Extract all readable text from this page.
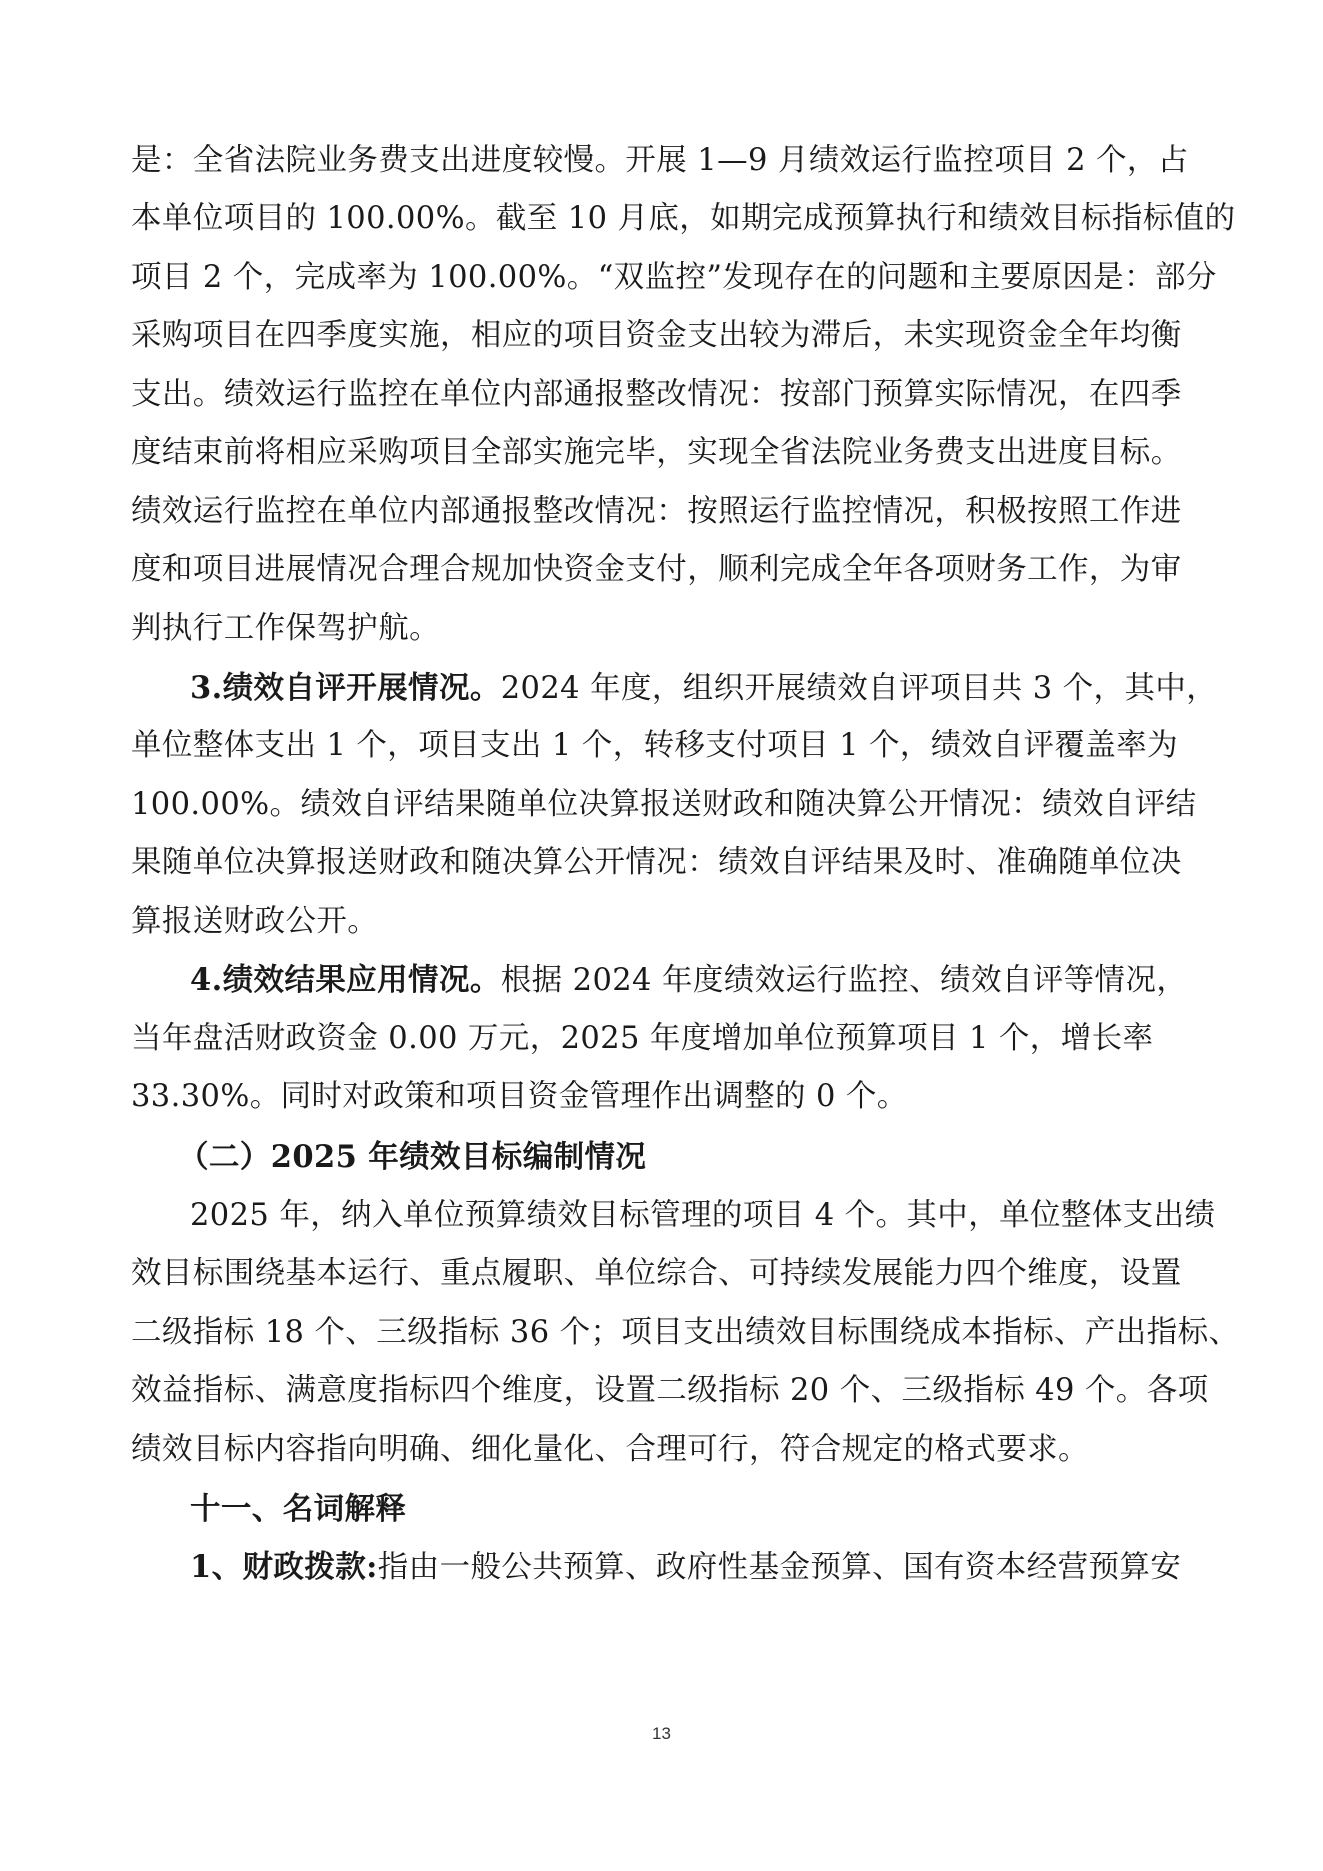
是：全省法院业务费支出进度较慢。开展 1—9 月绩效运行监控项目 2 个，占

本单位项目的 100.00%。截至 10 月底，如期完成预算执行和绩效目标指标值的

项目 2 个，完成率为 100.00%。“双监控”发现存在的问题和主要原因是：部分

采购项目在四季度实施，相应的项目资金支出较为滞后，未实现资金全年均衡

支出。绩效运行监控在单位内部通报整改情况：按部门预算实际情况，在四季

度结束前将相应采购项目全部实施完毕，实现全省法院业务费支出进度目标。

绩效运行监控在单位内部通报整改情况：按照运行监控情况，积极按照工作进

度和项目进展情况合理合规加快资金支付，顺利完成全年各项财务工作，为审

判执行工作保驾护航。

3.绩效自评开展情况。2024 年度，组织开展绩效自评项目共 3 个，其中，

单位整体支出 1 个，项目支出 1 个，转移支付项目 1 个，绩效自评覆盖率为

100.00%。绩效自评结果随单位决算报送财政和随决算公开情况：绩效自评结

果随单位决算报送财政和随决算公开情况：绩效自评结果及时、准确随单位决

算报送财政公开。

4.绩效结果应用情况。根据 2024 年度绩效运行监控、绩效自评等情况，

当年盘活财政资金 0.00 万元，2025 年度增加单位预算项目 1 个，增长率

33.30%。同时对政策和项目资金管理作出调整的 0 个。

（二）2025 年绩效目标编制情况

2025 年，纳入单位预算绩效目标管理的项目 4 个。其中，单位整体支出绩

效目标围绕基本运行、重点履职、单位综合、可持续发展能力四个维度，设置

二级指标 18 个、三级指标 36 个；项目支出绩效目标围绕成本指标、产出指标、

效益指标、满意度指标四个维度，设置二级指标 20 个、三级指标 49 个。各项

绩效目标内容指向明确、细化量化、合理可行，符合规定的格式要求。

十一、名词解释

1、财政拨款:指由一般公共预算、政府性基金预算、国有资本经营预算安

13
